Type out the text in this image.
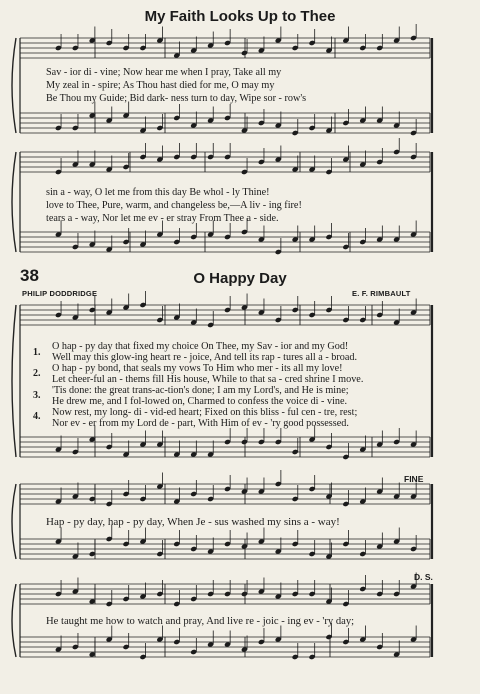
My Faith Looks Up to Thee
Sav - ior di - vine; Now hear me when I pray, Take all my
My zeal in - spire; As Thou hast died for me, O may my
Be Thou my Guide; Bid dark- ness turn to day, Wipe sor - row's
sin a - way, O let me from this day Be whol - ly Thine!
love to Thee, Pure, warm, and changeless be,—A liv - ing fire!
tears a - way, Nor let me ev - er stray From Thee a - side.
38	O Happy Day
PHILIP DODDRIDGE	E. F. RIMBAULT
1.
2.
3.
4.
O hap - py day that fixed my choice On Thee, my Sav - ior and my God!
Well may this glow-ing heart re - joice, And tell its rap - tures all a - broad.
O hap - py bond, that seals my vows To Him who mer - its all my love!
Let cheer-ful an - thems fill His house, While to that sa - cred shrine I move.
'Tis done: the great trans-ac-tion's done; I am my Lord's, and He is mine;
He drew me, and I fol-lowed on, Charmed to confess the voice di - vine.
Now rest, my long- di - vid-ed heart; Fixed on this bliss - ful cen - tre, rest;
Nor ev - er from my Lord de - part, With Him of ev - 'ry good possessed.
FINE
Hap - py day, hap - py day, When Je - sus washed my sins a - way!
D. S.
He taught me how to watch and pray, And live re - joic - ing ev - 'ry day;
